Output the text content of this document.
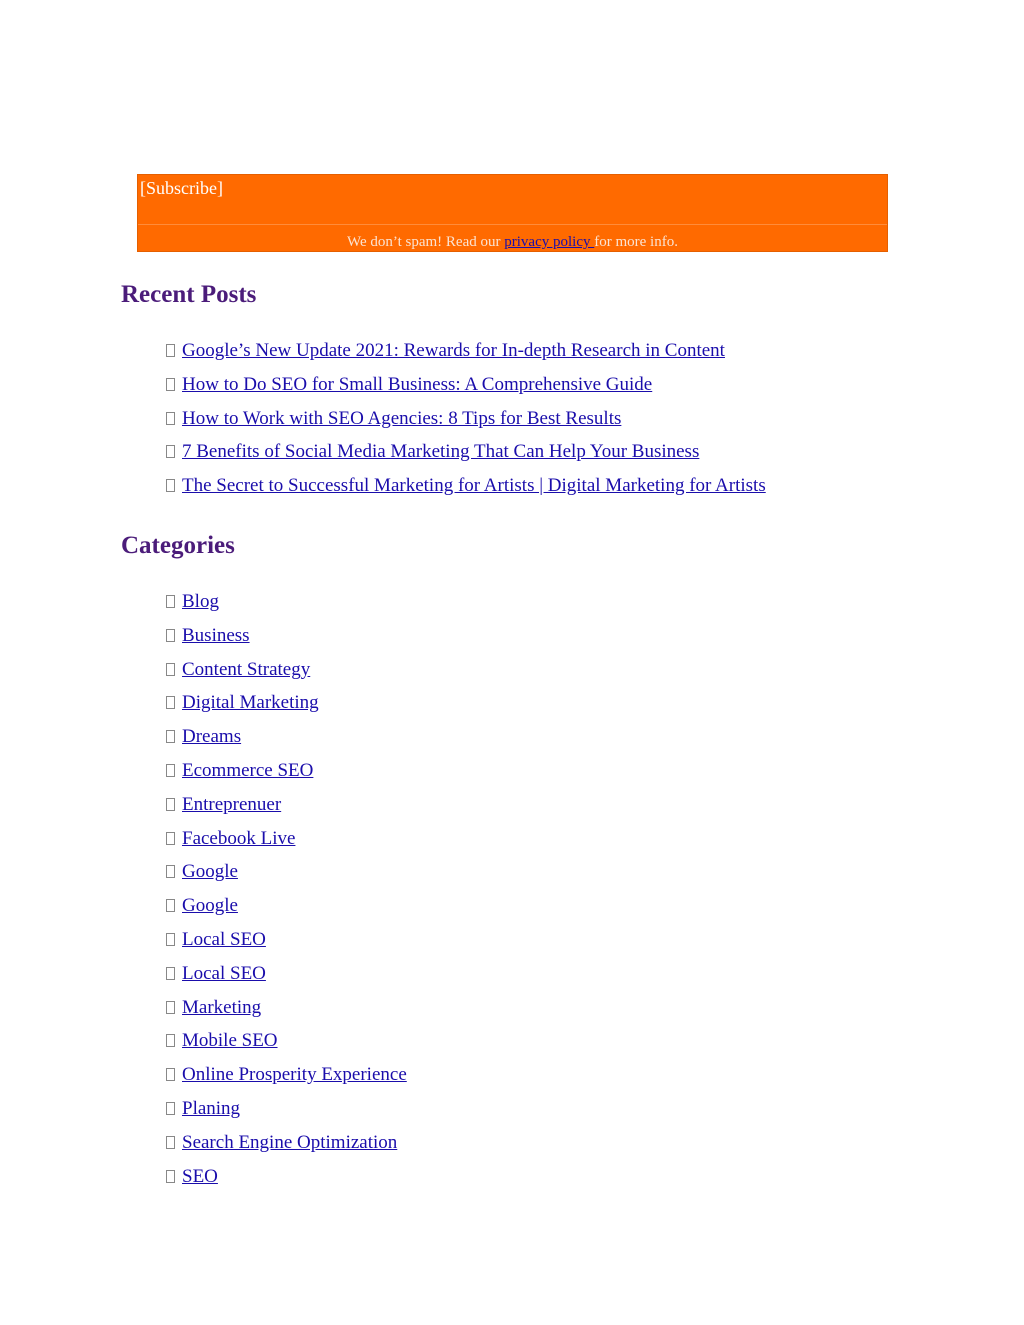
[Subscribe]
We don’t spam! Read our privacy policy for more info.
Recent Posts
Google’s New Update 2021: Rewards for In-depth Research in Content
How to Do SEO for Small Business: A Comprehensive Guide
How to Work with SEO Agencies: 8 Tips for Best Results
7 Benefits of Social Media Marketing That Can Help Your Business
The Secret to Successful Marketing for Artists | Digital Marketing for Artists
Categories
Blog
Business
Content Strategy
Digital Marketing
Dreams
Ecommerce SEO
Entreprenuer
Facebook Live
Google
Google
Local SEO
Local SEO
Marketing
Mobile SEO
Online Prosperity Experience
Planing
Search Engine Optimization
SEO
